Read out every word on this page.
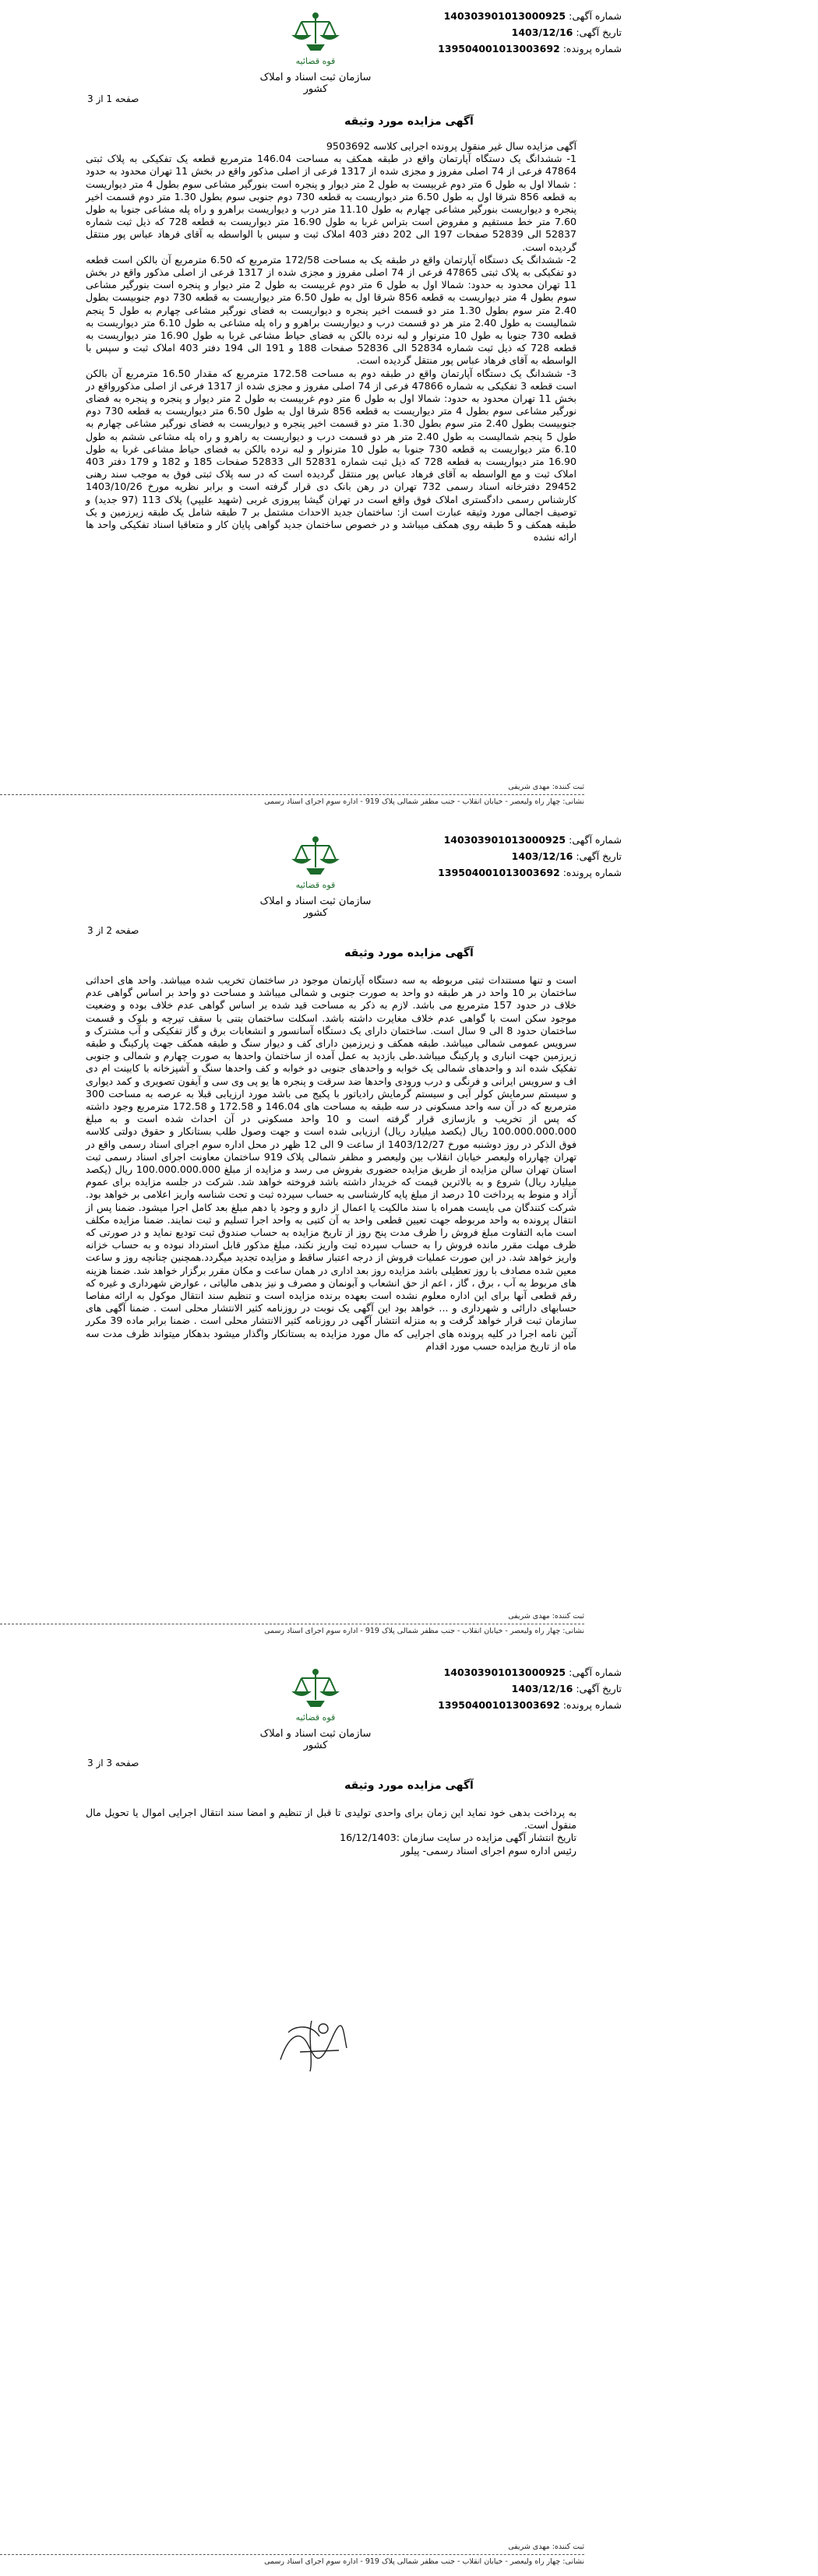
شماره آگهی: 140303901013000925
تاریخ آگهی: 1403/12/16
شماره پرونده: 139504001013003692
قوه قضائیه
سازمان ثبت اسناد و املاک کشور
صفحه 1 از 3
آگهی مزایده مورد وثیقه

آگهی مزایده سال غیر منقول پرونده اجرایی کلاسه 9503692

1- ششدانگ یک دستگاه آپارتمان واقع در طبقه همکف به مساحت 146.04 مترمربع قطعه یک تفکیکی به پلاک ثبتی 47864 فرعی از 74 اصلی مفروز و مجزی شده از 1317 فرعی از اصلی مذکور واقع در بخش 11 تهران محدود به حدود : شمالا اول به طول 6 متر دوم غربیست به طول 2 متر دیوار و پنجره است بنورگیر مشاعی سوم بطول 4 متر دیواریست به قطعه 856 شرقا اول به طول 6.50 متر دیواریست به قطعه 730 دوم جنوبی سوم بطول 1.30 متر دوم قسمت اخیر پنجره و دیواریست بنورگیر مشاعی چهارم به طول 11.10 متر درب و دیواریست براهرو و راه پله مشاعی جنوبا به طول 7.60 متر خط مستقیم و مفروض است بتراس غربا به طول 16.90 متر دیواریست به قطعه 728 که ذیل ثبت شماره 52837 الی 52839 صفحات 197 الی 202 دفتر 403 املاک ثبت و سپس با الواسطه به آقای فرهاد عباس پور منتقل گردیده است.

2- ششدانگ یک دستگاه آپارتمان واقع در طبقه یک به مساحت 172/58 مترمربع که 6.50 مترمربع آن بالکن است قطعه دو تفکیکی به پلاک ثبتی 47865 فرعی از 74 اصلی مفروز و مجزی شده از 1317 فرعی از اصلی مذکور واقع در بخش 11 تهران محدود به حدود: شمالا اول به طول 6 متر دوم غربیست به طول 2 متر دیوار و پنجره است بنورگیر مشاعی سوم بطول 4 متر دیواریست به قطعه 856 شرقا اول به طول 6.50 متر دیواریست به قطعه 730 دوم جنوبیست بطول 2.40 متر سوم بطول 1.30 متر دو قسمت اخیر پنجره و دیواریست به فضای نورگیر مشاعی چهارم به طول 5 پنجم شمالیست به طول 2.40 متر هر دو قسمت درب و دیواریست براهرو و راه پله مشاعی به طول 6.10 متر دیواریست به قطعه 730 جنوبا به طول 10 مترنوار و لبه نرده بالکن به فضای حیاط مشاعی غربا به طول 16.90 متر دیواریست به قطعه 728 که ذیل ثبت شماره 52834 الی 52836 صفحات 188 و 191 الی 194 دفتر 403 املاک ثبت و سپس با الواسطه به آقای فرهاد عباس پور منتقل گردیده است.

3- ششدانگ یک دستگاه آپارتمان واقع در طبقه دوم به مساحت 172.58 مترمربع که مقدار 16.50 مترمربع آن بالکن است قطعه 3 تفکیکی به شماره 47866 فرعی از 74 اصلی مفروز و مجزی شده از 1317 فرعی از اصلی مذکورواقع در بخش 11 تهران محدود به حدود: شمالا اول به طول 6 متر دوم غربیست به طول 2 متر دیوار و پنجره و پنجره به فضای نورگیر مشاعی سوم بطول 4 متر دیواریست به قطعه 856 شرقا اول به طول 6.50 متر دیواریست به قطعه 730 دوم جنوبیست بطول 2.40 متر سوم بطول 1.30 متر دو قسمت اخیر پنجره و دیواریست به فضای نورگیر مشاعی چهارم به طول 5 پنجم شمالیست به طول 2.40 متر هر دو قسمت درب و دیواریست به راهرو و راه پله مشاعی ششم به طول 6.10 متر دیواریست به قطعه 730 جنوبا به طول 10 مترنوار و لبه نرده بالکن به فضای حیاط مشاعی غربا به طول 16.90 متر دیواریست به قطعه 728 که ذیل ثبت شماره 52831 الی 52833 صفحات 185 و 182 و 179 دفتر 403 املاک ثبت و مع الواسطه به آقای فرهاد عباس پور منتقل گردیده است که در سه پلاک ثبتی فوق به موجب سند رهنی 29452 دفترخانه اسناد رسمی 732 تهران در رهن بانک دی قرار گرفته است و برابر نظریه مورخ 1403/10/26 کارشناس رسمی دادگستری املاک فوق واقع است در تهران گیشا پیروزی غربی (شهید عليپي) پلاک 113 (97 جدید) و توصیف اجمالی مورد وثیقه عبارت است از: ساختمان جدید الاحداث مشتمل بر 7 طبقه شامل یک طبقه زیرزمین و یک طبقه همکف و 5 طبقه روی همکف میباشد و در خصوص ساختمان جدید گواهی پایان کار و متعاقبا اسناد تفکیکی واحد ها ارائه نشده

ثبت کننده: مهدی شریفی
نشانی: چهار راه ولیعصر - خیابان انقلاب - جنب مظفر شمالی پلاک 919 - اداره سوم اجرای اسناد رسمی
شماره آگهی: 140303901013000925
تاریخ آگهی: 1403/12/16
شماره پرونده: 139504001013003692
قوه قضائیه
سازمان ثبت اسناد و املاک کشور
صفحه 2 از 3
آگهی مزایده مورد وثیقه

است و تنها مستندات ثبتی مربوطه به سه دستگاه آپارتمان موجود در ساختمان تخریب شده میباشد. واحد های احداثی ساختمان بر 10 واحد در هر طبقه دو واحد به صورت جنوبی و شمالی میباشد و مساحت دو واحد بر اساس گواهی عدم خلاف در حدود 157 مترمربع می باشد. لازم به ذکر به مساحت قید شده بر اساس گواهی عدم خلاف بوده و وضعیت موجود سکن است با گواهی عدم خلاف مغایرت داشته باشد. اسکلت ساختمان بتنی با سقف تیرچه و بلوک و قسمت ساختمان حدود 8 الی 9 سال است. ساختمان دارای یک دستگاه آسانسور و انشعابات برق و گاز تفکیکی و آب مشترک و سرویس عمومی شمالی میباشد. طبقه همکف و زیرزمین دارای کف و دیوار سنگ و طبقه همکف جهت پارکینگ و طبقه زیرزمین جهت انباری و پارکینگ میباشد.طی بازدید به عمل آمده از ساختمان واحدها به صورت چهارم و شمالی و جنوبی تفکیک شده اند و واحدهای شمالی یک خوابه و واحدهای جنوبی دو خوابه و کف واحدها سنگ و آشپزخانه با کابینت ام دی اف و سرویس ایرانی و فرنگی و درب ورودی واحدها ضد سرقت و پنجره ها یو پی وی سی و آیفون تصویری و کمد دیواری و سیستم سرمایش کولر آبی و سیستم گرمایش رادیاتور با پکیج می باشد مورد ارزیابی قبلا به عرصه به مساحت 300 مترمربع که در آن سه واحد مسکونی در سه طبقه به مساحت های 146.04 و 172.58 و 172.58 مترمربع وجود داشته که پس از تخریب و بازسازی قرار گرفته است و 10 واحد مسکونی در آن احداث شده است و به مبلغ 100.000.000.000 ریال (یکصد میلیارد ریال) ارزیابی شده است و جهت وصول طلب بستانکار و حقوق دولتی کلاسه فوق الذکر در روز دوشنبه مورخ 1403/12/27 از ساعت 9 الی 12 ظهر در محل اداره سوم اجرای اسناد رسمی واقع در تهران چهارراه ولیعصر خیابان انقلاب بین ولیعصر و مظفر شمالی پلاک 919 ساختمان معاونت اجرای اسناد رسمی ثبت استان تهران سالن مزایده از طریق مزایده حضوری بفروش می رسد و مزایده از مبلغ 100.000.000.000 ریال (یکصد میلیارد ریال) شروع و به بالاترین قیمت که خریدار داشته باشد فروخته خواهد شد. شرکت در جلسه مزایده برای عموم آزاد و منوط به پرداخت 10 درصد از مبلغ پایه کارشناسی به حساب سپرده ثبت و تحت شناسه واریز اعلامی بر خواهد بود. شرکت کنندگان می بایست همراه با سند مالکیت یا اعمال از دارو و وجود یا دهم مبلغ بعد کامل اجرا میشود. ضمنا پس از انتقال پرونده به واحد مربوطه جهت تعیین قطعی واحد به آن کتبی به واحد اجرا تسلیم و ثبت نمایند. ضمنا مزایده مکلف است مابه التفاوت مبلغ فروش را ظرف مدت پنج روز از تاریخ مزایده به حساب صندوق ثبت تودیع نماید و در صورتی که ظرف مهلت مقرر مانده فروش را به حساب سپرده ثبت واریز نکند، مبلغ مذکور قابل استرداد نبوده و به حساب خزانه واریز خواهد شد. در این صورت عملیات فروش از درجه اعتبار ساقط و مزایده تجدید میگردد.همچنین چنانچه روز و ساعت معین شده مصادف با روز تعطیلی باشد مزایده روز بعد اداری در همان ساعت و مکان مقرر برگزار خواهد شد. ضمنا هزینه های مربوط به آب ، برق ، گاز ، اعم از حق انشعاب و آبونمان و مصرف و نیز بدهی مالیاتی ، عوارض شهرداری و غیره که رقم قطعی آنها برای این اداره معلوم نشده است بعهده برنده مزایده است و تنظیم سند انتقال موکول به ارائه مفاصا حسابهای دارائی و شهرداری و ... خواهد بود این آگهی یک نوبت در روزنامه کثیر الانتشار محلی است . ضمنا آگهی های سازمان ثبت قرار خواهد گرفت و به منزله انتشار آگهی در روزنامه کثیر الانتشار محلی است . ضمنا برابر ماده 39 مکرر آئین نامه اجرا در کلیه پرونده های اجرایی که مال مورد مزایده به بستانکار واگذار میشود بدهکار میتواند ظرف مدت سه ماه از تاریخ مزایده حسب مورد اقدام

ثبت کننده: مهدی شریفی
نشانی: چهار راه ولیعصر - خیابان انقلاب - جنب مظفر شمالی پلاک 919 - اداره سوم اجرای اسناد رسمی
شماره آگهی: 140303901013000925
تاریخ آگهی: 1403/12/16
شماره پرونده: 139504001013003692
قوه قضائیه
سازمان ثبت اسناد و املاک کشور
صفحه 3 از 3
آگهی مزایده مورد وثیقه

به پرداخت بدهی خود نماید این زمان برای واحدی تولیدی تا قبل از تنظیم و امضا سند انتقال اجرایی اموال یا تحویل مال منقول است.

تاریخ انتشار آگهی مزایده در سایت سازمان :16/12/1403

رئیس اداره سوم اجرای اسناد رسمی- پیلور

ثبت کننده: مهدی شریفی
نشانی: چهار راه ولیعصر - خیابان انقلاب - جنب مظفر شمالی پلاک 919 - اداره سوم اجرای اسناد رسمی
